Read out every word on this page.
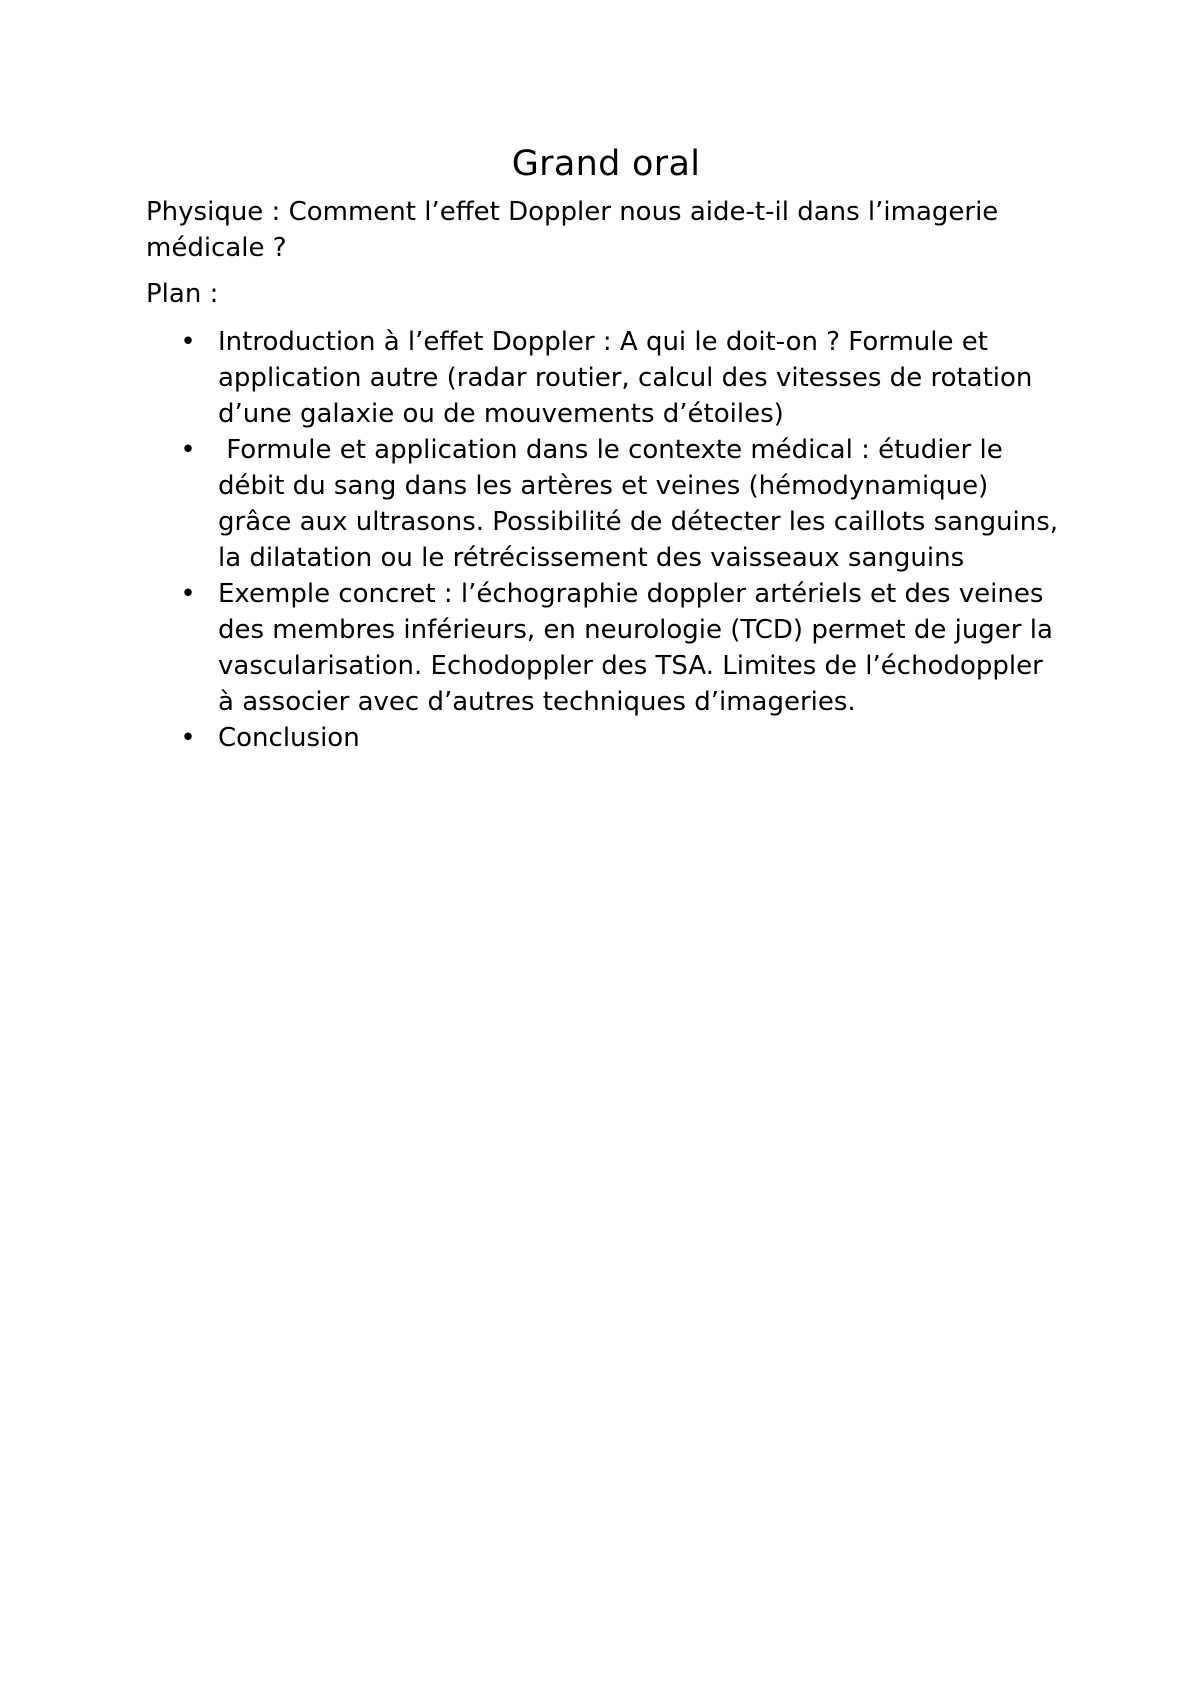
Grand oral

Physique : Comment l’effet Doppler nous aide-t-il dans l’imagerie médicale ?

Plan :

• Introduction à l’effet Doppler : A qui le doit-on ? Formule et application autre (radar routier, calcul des vitesses de rotation d’une galaxie ou de mouvements d’étoiles)
• Formule et application dans le contexte médical : étudier le débit du sang dans les artères et veines (hémodynamique) grâce aux ultrasons. Possibilité de détecter les caillots sanguins, la dilatation ou le rétrécissement des vaisseaux sanguins
• Exemple concret : l’échographie doppler artériels et des veines des membres inférieurs, en neurologie (TCD) permet de juger la vascularisation. Echodoppler des TSA. Limites de l’échodoppler à associer avec d’autres techniques d’imageries.
• Conclusion
